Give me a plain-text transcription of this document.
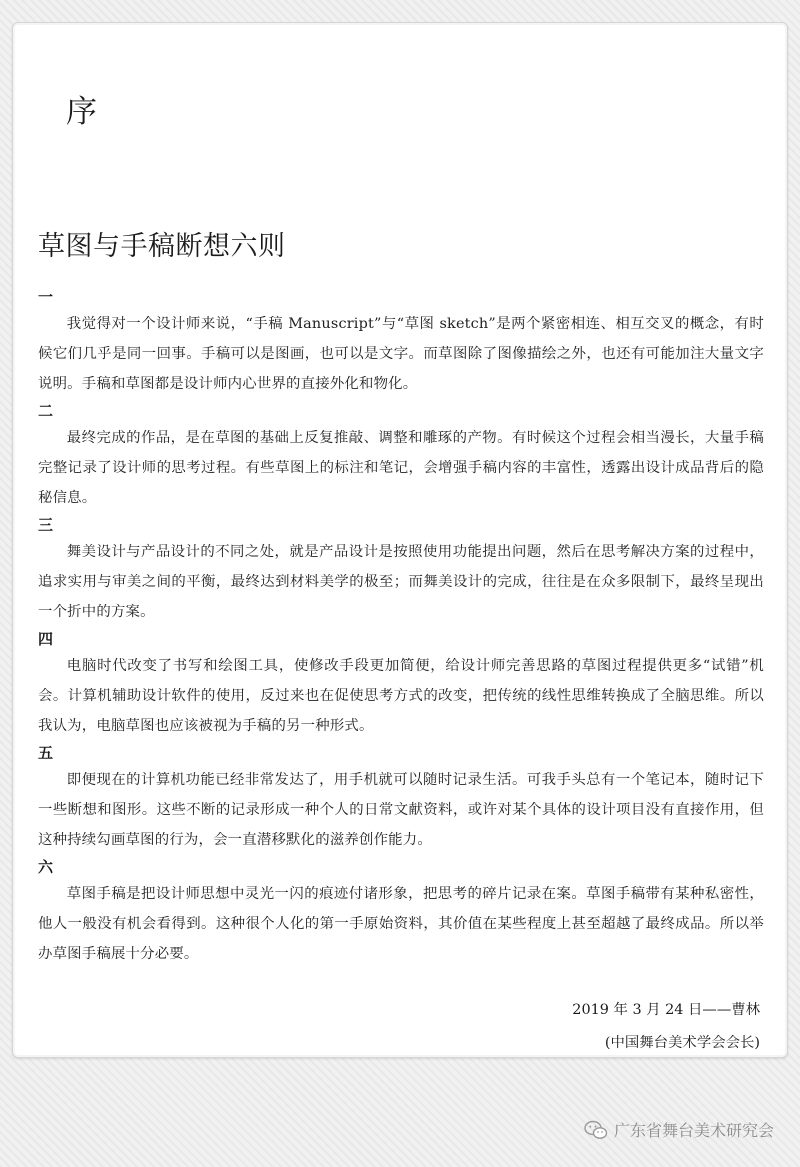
序
草图与手稿断想六则
一

我觉得对一个设计师来说，“手稿 Manuscript”与“草图 sketch”是两个紧密相连、相互交叉的概念，有时候它们几乎是同一回事。手稿可以是图画，也可以是文字。而草图除了图像描绘之外，也还有可能加注大量文字说明。手稿和草图都是设计师内心世界的直接外化和物化。

二

最终完成的作品，是在草图的基础上反复推敲、调整和雕琢的产物。有时候这个过程会相当漫长，大量手稿完整记录了设计师的思考过程。有些草图上的标注和笔记，会增强手稿内容的丰富性，透露出设计成品背后的隐秘信息。

三

舞美设计与产品设计的不同之处，就是产品设计是按照使用功能提出问题，然后在思考解决方案的过程中，追求实用与审美之间的平衡，最终达到材料美学的极至；而舞美设计的完成，往往是在众多限制下，最终呈现出一个折中的方案。

四

电脑时代改变了书写和绘图工具，使修改手段更加简便，给设计师完善思路的草图过程提供更多“试错”机会。计算机辅助设计软件的使用，反过来也在促使思考方式的改变，把传统的线性思维转换成了全脑思维。所以我认为，电脑草图也应该被视为手稿的另一种形式。

五

即便现在的计算机功能已经非常发达了，用手机就可以随时记录生活。可我手头总有一个笔记本，随时记下一些断想和图形。这些不断的记录形成一种个人的日常文献资料，或许对某个具体的设计项目没有直接作用，但这种持续勾画草图的行为，会一直潜移默化的滋养创作能力。

六

草图手稿是把设计师思想中灵光一闪的痕迹付诸形象，把思考的碎片记录在案。草图手稿带有某种私密性，他人一般没有机会看得到。这种很个人化的第一手原始资料，其价值在某些程度上甚至超越了最终成品。所以举办草图手稿展十分必要。

2019 年 3 月 24 日——曹林
(中国舞台美术学会会长)
广东省舞台美术研究会
